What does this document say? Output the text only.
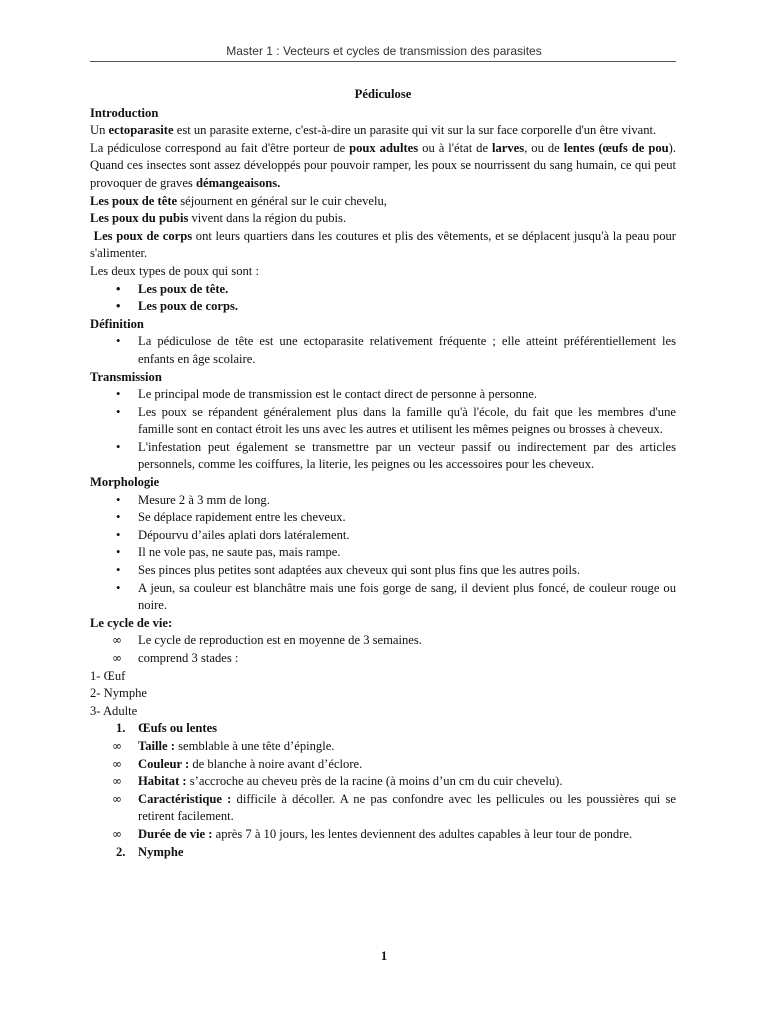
Master 1 : Vecteurs et cycles de transmission des parasites
Pédiculose
Introduction

Un ectoparasite est un parasite externe, c'est-à-dire un parasite qui vit sur la sur face corporelle d'un être vivant.

La pédiculose correspond au fait d'être porteur de poux adultes ou à l'état de larves, ou de lentes (œufs de pou). Quand ces insectes sont assez développés pour pouvoir ramper, les poux se nourrissent du sang humain, ce qui peut provoquer de graves démangeaisons.

Les poux de tête séjournent en général sur le cuir chevelu,

Les poux du pubis vivent dans la région du pubis.

Les poux de corps ont leurs quartiers dans les coutures et plis des vêtements, et se déplacent jusqu'à la peau pour s'alimenter.

Les deux types de poux qui sont :

• Les poux de tête.
• Les poux de corps.
Définition
• La pédiculose de tête est une ectoparasite relativement fréquente ; elle atteint préférentiellement les enfants en âge scolaire.
Transmission
• Le principal mode de transmission est le contact direct de personne à personne.
• Les poux se répandent généralement plus dans la famille qu'à l'école, du fait que les membres d'une famille sont en contact étroit les uns avec les autres et utilisent les mêmes peignes ou brosses à cheveux.
• L'infestation peut également se transmettre par un vecteur passif ou indirectement par des articles personnels, comme les coiffures, la literie, les peignes ou les accessoires pour les cheveux.
Morphologie
• Mesure 2 à 3 mm de long.
• Se déplace rapidement entre les cheveux.
• Dépourvu d’ailes aplati dors latéralement.
• Il ne vole pas, ne saute pas, mais rampe.
• Ses pinces plus petites sont adaptées aux cheveux qui sont plus fins que les autres poils.
• A jeun, sa couleur est blanchâtre mais une fois gorge de sang, il devient plus foncé, de couleur rouge ou noire.
Le cycle de vie:
∞ Le cycle de reproduction est en moyenne de 3 semaines.
∞ comprend 3 stades :

1- Œuf

2- Nymphe

3- Adulte

1. Œufs ou lentes
∞ Taille : semblable à une tête d’épingle.
∞ Couleur : de blanche à noire avant d’éclore.
∞ Habitat : s’accroche au cheveu près de la racine (à moins d’un cm du cuir chevelu).
∞ Caractéristique : difficile à décoller. A ne pas confondre avec les pellicules ou les poussières qui se retirent facilement.
∞ Durée de vie : après 7 à 10 jours, les lentes deviennent des adultes capables à leur tour de pondre.
2. Nymphe
1
